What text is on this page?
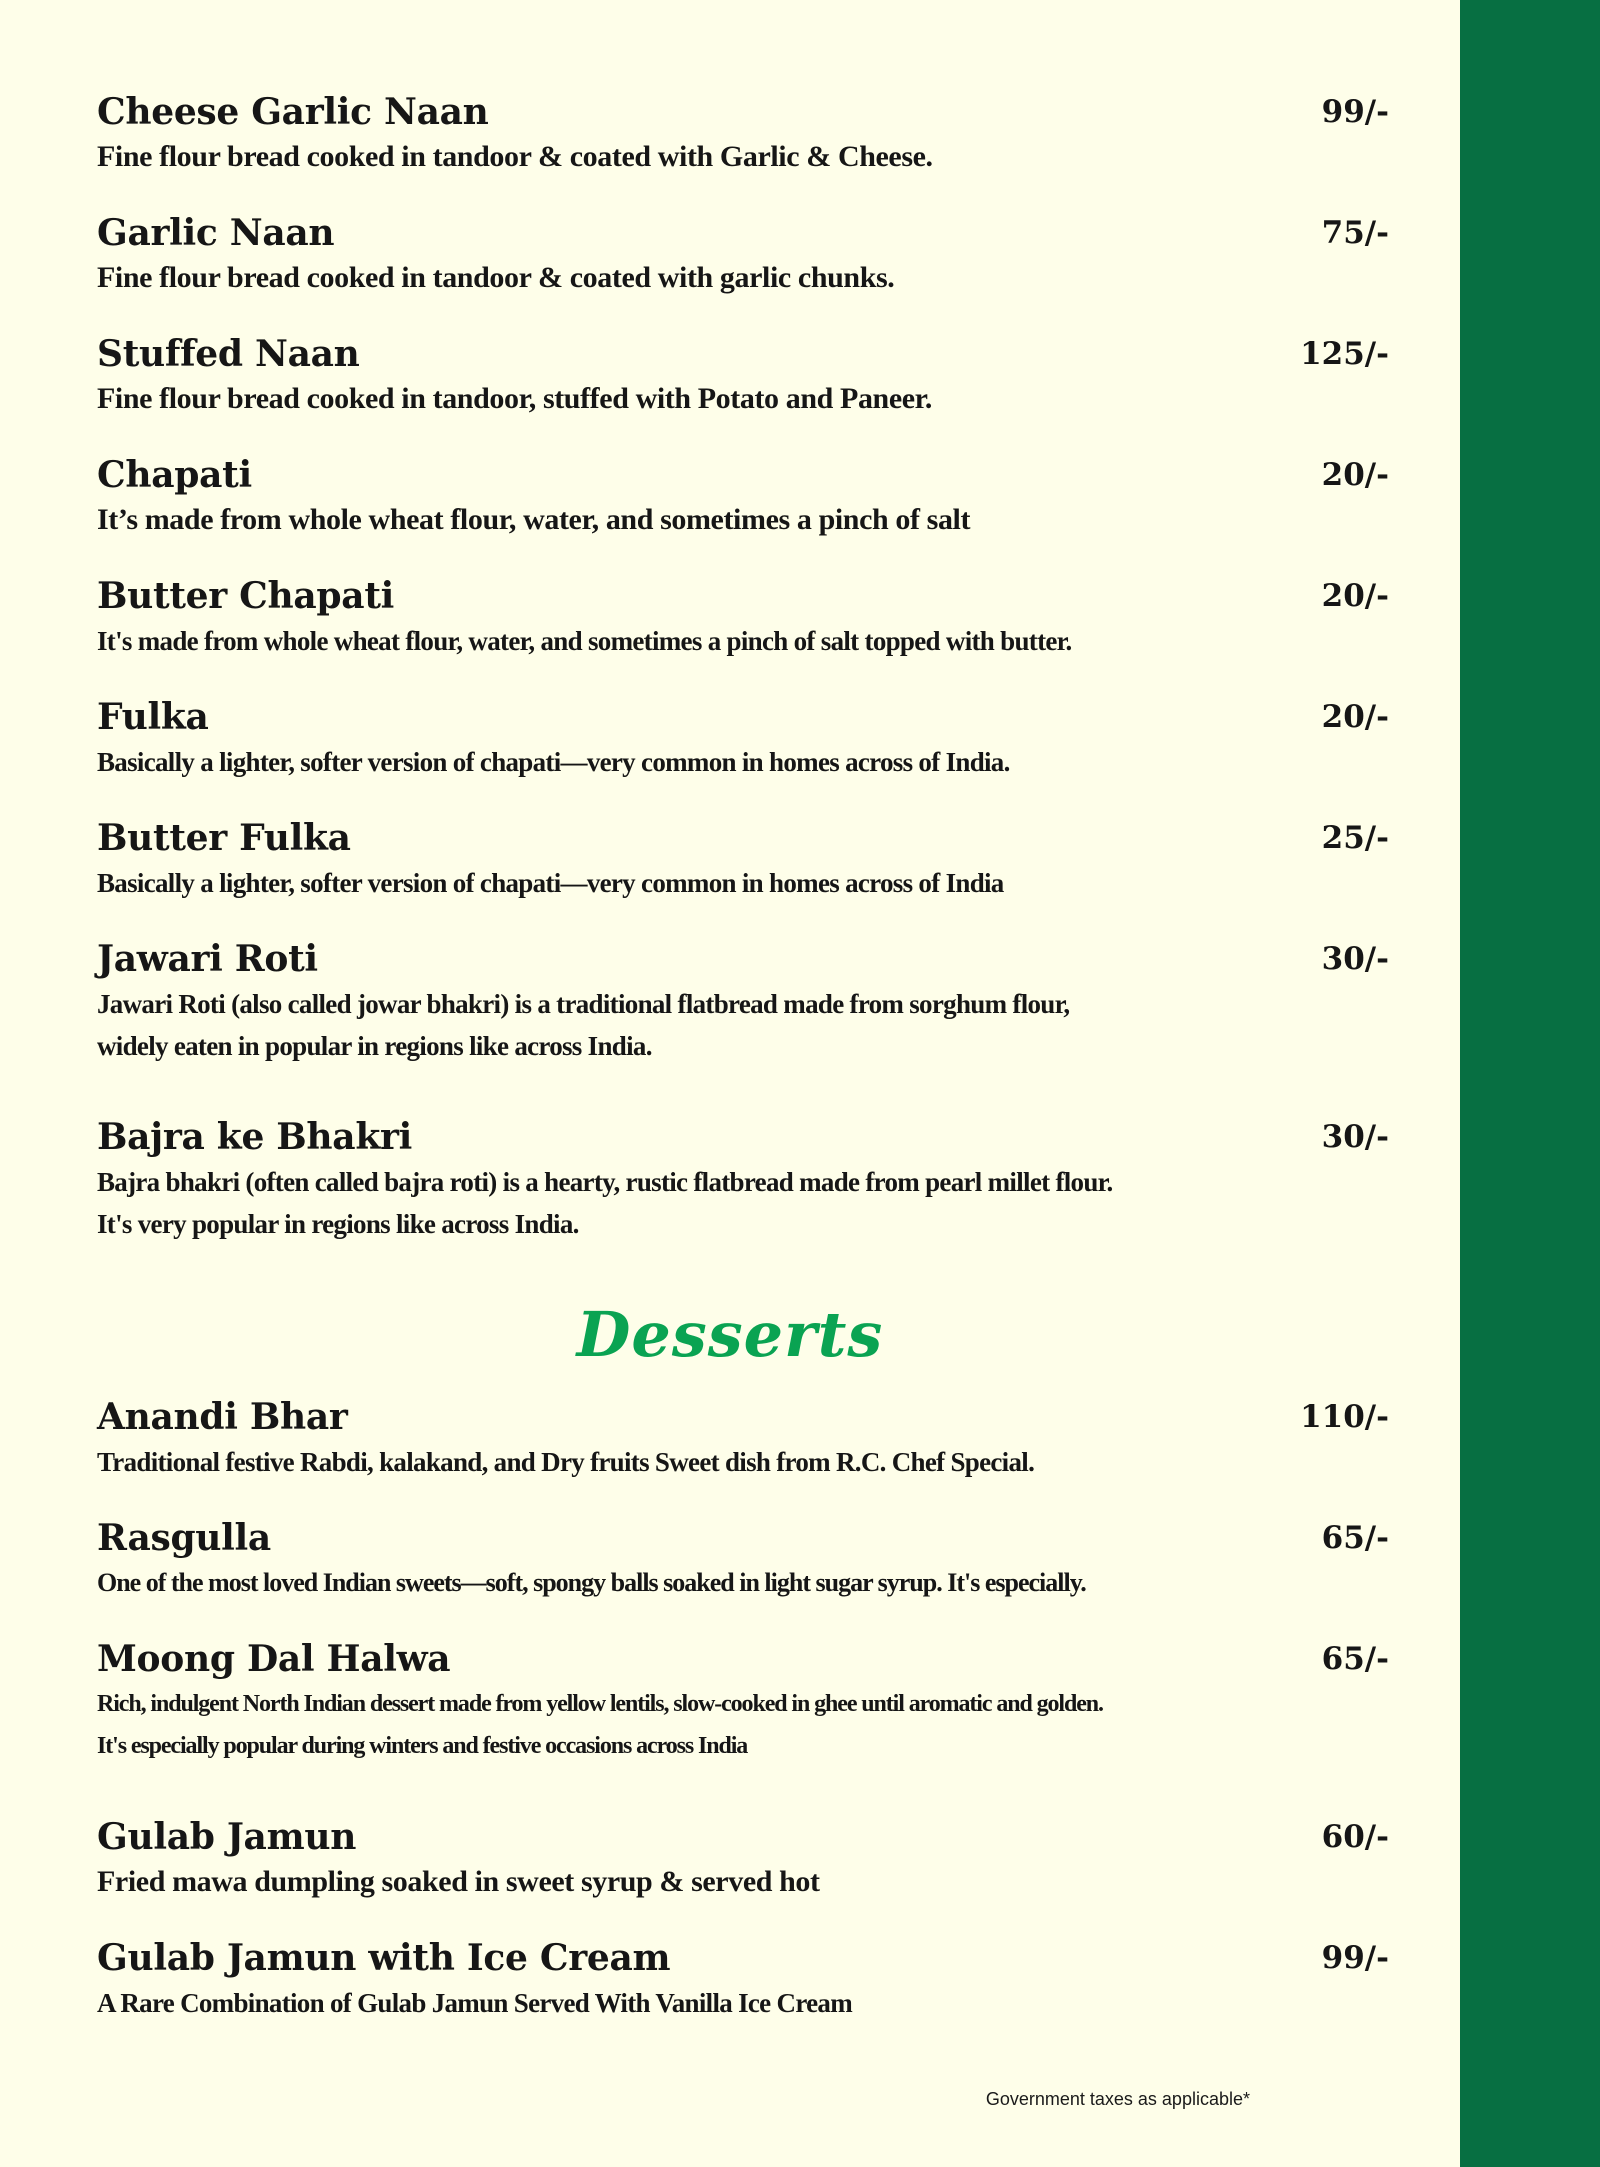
Cheese Garlic Naan	99/-
Fine flour bread cooked in tandoor & coated with Garlic & Cheese.
Garlic Naan	75/-
Fine flour bread cooked in tandoor & coated with garlic chunks.
Stuffed Naan	125/-
Fine flour bread cooked in tandoor, stuffed with Potato and Paneer.
Chapati	20/-
It’s made from whole wheat flour, water, and sometimes a pinch of salt
Butter Chapati	20/-
It's made from whole wheat flour, water, and sometimes a pinch of salt topped with butter.
Fulka	20/-
Basically a lighter, softer version of chapati—very common in homes across of India.
Butter Fulka	25/-
Basically a lighter, softer version of chapati—very common in homes across of India
Jawari Roti	30/-
Jawari Roti (also called jowar bhakri) is a traditional flatbread made from sorghum flour,
widely eaten in popular in regions like across India.
Bajra ke Bhakri	30/-
Bajra bhakri (often called bajra roti) is a hearty, rustic flatbread made from pearl millet flour.
It's very popular in regions like across India.
Desserts
Anandi Bhar	110/-
Traditional festive Rabdi, kalakand, and Dry fruits Sweet dish from R.C. Chef Special.
Rasgulla	65/-
One of the most loved Indian sweets—soft, spongy balls soaked in light sugar syrup. It's especially.
Moong Dal Halwa	65/-
Rich, indulgent North Indian dessert made from yellow lentils, slow-cooked in ghee until aromatic and golden.
It's especially popular during winters and festive occasions across India
Gulab Jamun	60/-
Fried mawa dumpling soaked in sweet syrup & served hot
Gulab Jamun with Ice Cream	99/-
A Rare Combination of Gulab Jamun Served With Vanilla Ice Cream
Government taxes as applicable*
